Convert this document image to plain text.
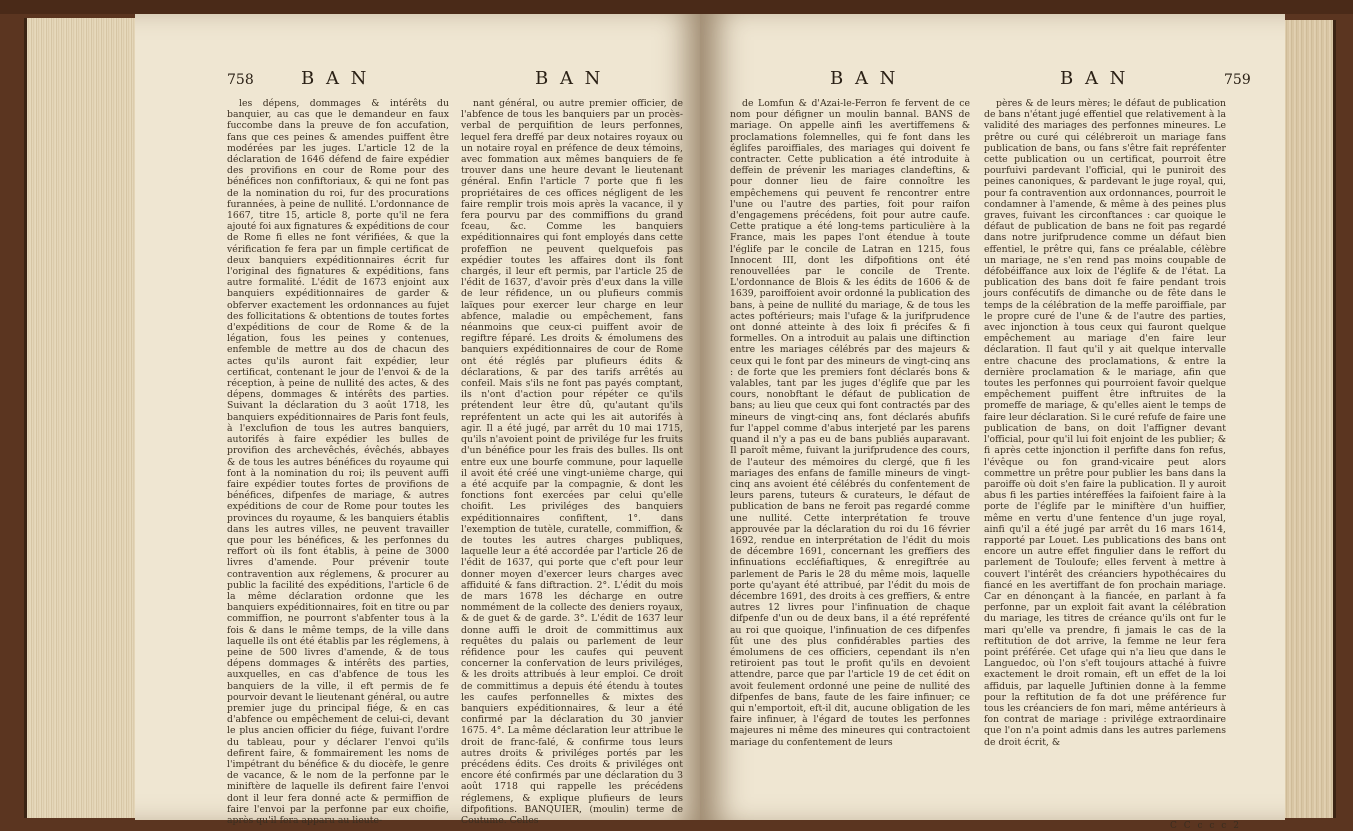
758	B A N	B A N

les dépens, dommages & intérêts du banquier, au cas que le demandeur en faux fuccombe dans la preuve de fon accufation, fans que ces peines & amendes puiffent être modérées par les juges. L'article 12 de la déclaration de 1646 défend de faire expédier des provifions en cour de Rome pour des bénéfices non confiftoriaux, & qui ne font pas de la nomination du roi, fur des procurations furannées, à peine de nullité. L'ordonnance de 1667, titre 15, article 8, porte qu'il ne fera ajouté foi aux fignatures & expéditions de cour de Rome fi elles ne font vérifiées, & que la vérification fe fera par un fimple certificat de deux banquiers expéditionnaires écrit fur l'original des fignatures & expéditions, fans autre formalité. L'édit de 1673 enjoint aux banquiers expéditionnaires de garder & obferver exactement les ordonnances au fujet des follicitations & obtentions de toutes fortes d'expéditions de cour de Rome & de la légation, fous les peines y contenues, enfemble de mettre au dos de chacun des actes qu'ils auront fait expédier, leur certificat, contenant le jour de l'envoi & de la réception, à peine de nullité des actes, & des dépens, dommages & intérêts des parties. Suivant la déclaration du 3 août 1718, les banquiers expéditionnaires de Paris font feuls, à l'exclufion de tous les autres banquiers, autorifés à faire expédier les bulles de provifion des archevêchés, évêchés, abbayes & de tous les autres bénéfices du royaume qui font à la nomination du roi; ils peuvent auffi faire expédier toutes fortes de provifions de bénéfices, difpenfes de mariage, & autres expéditions de cour de Rome pour toutes les provinces du royaume, & les banquiers établis dans les autres villes, ne peuvent travailler que pour les bénéfices, & les perfonnes du reffort où ils font établis, à peine de 3000 livres d'amende. Pour prévenir toute contravention aux réglemens, & procurer au public la facilité des expéditions, l'article 6 de la même déclaration ordonne que les banquiers expéditionnaires, foit en titre ou par commiffion, ne pourront s'abfenter tous à la fois & dans le même temps, de la ville dans laquelle ils ont été établis par les réglemens, à peine de 500 livres d'amende, & de tous dépens dommages & intérêts des parties, auxquelles, en cas d'abfence de tous les banquiers de la ville, il eft permis de fe pourvoir devant le lieutenant général, ou autre premier juge du principal fiége, & en cas d'abfence ou empêchement de celui-ci, devant le plus ancien officier du fiége, fuivant l'ordre du tableau, pour y déclarer l'envoi qu'ils defirent faire, & fommairement les noms de l'impétrant du bénéfice & du diocèfe, le genre de vacance, & le nom de la perfonne par le miniftère de laquelle ils defirent faire l'envoi dont il leur fera donné acte & permiffion de faire l'envoi par la perfonne par eux choifie, après qu'il fera apparu au lieute-

nant général, ou autre premier officier, de l'abfence de tous les banquiers par un procès-verbal de perquifition de leurs perfonnes, lequel fera dreffé par deux notaires royaux ou un notaire royal en préfence de deux témoins, avec fommation aux mêmes banquiers de fe trouver dans une heure devant le lieutenant général. Enfin l'article 7 porte que fi les propriétaires de ces offices négligent de les faire remplir trois mois après la vacance, il y fera pourvu par des commiffions du grand fceau, &c. Comme les banquiers expéditionnaires qui font employés dans cette profeffion ne peuvent quelquefois pas expédier toutes les affaires dont ils font chargés, il leur eft permis, par l'article 25 de l'édit de 1637, d'avoir près d'eux dans la ville de leur réfidence, un ou plufieurs commis laïques pour exercer leur charge en leur abfence, maladie ou empêchement, fans néanmoins que ceux-ci puiffent avoir de regiftre féparé. Les droits & émolumens des banquiers expéditionnaires de cour de Rome ont été réglés par plufieurs édits & déclarations, & par des tarifs arrêtés au confeil. Mais s'ils ne font pas payés comptant, ils n'ont d'action pour répéter ce qu'ils prétendent leur être dû, qu'autant qu'ils repréfentent un acte qui les ait autorifés à agir. Il a été jugé, par arrêt du 10 mai 1715, qu'ils n'avoient point de privilége fur les fruits d'un bénéfice pour les frais des bulles. Ils ont entre eux une bourfe commune, pour laquelle il avoit été créé une vingt-unième charge, qui a été acquife par la compagnie, & dont les fonctions font exercées par celui qu'elle choifit. Les priviléges des banquiers expéditionnaires confiftent, 1°. dans l'exemption de tutèle, curatelle, commiffion, & de toutes les autres charges publiques, laquelle leur a été accordée par l'article 26 de l'édit de 1637, qui porte que c'eft pour leur donner moyen d'exercer leurs charges avec affiduité & fans diftraction. 2°. L'édit du mois de mars 1678 les décharge en outre nommément de la collecte des deniers royaux, & de guet & de garde. 3°. L'édit de 1637 leur donne auffi le droit de committimus aux requêtes du palais ou parlement de leur réfidence pour les caufes qui peuvent concerner la confervation de leurs priviléges, & les droits attribués à leur emploi. Ce droit de committimus a depuis été étendu à toutes les caufes perfonnelles & mixtes des banquiers expéditionnaires, & leur a été confirmé par la déclaration du 30 janvier 1675. 4°. La même déclaration leur attribue le droit de franc-falé, & confirme tous leurs autres droits & priviléges portés par les précédens édits. Ces droits & priviléges ont encore été confirmés par une déclaration du 3 août 1718 qui rappelle les précédens réglemens, & explique plufieurs de leurs difpofitions. BANQUIER, (moulin) terme de Coutume. Celles

B A N	B A N	759

de Lomfun & d'Azai-le-Ferron fe fervent de ce nom pour défigner un moulin bannal. BANS de mariage. On appelle ainfi les avertiffemens & proclamations folemnelles, qui fe font dans les églifes paroiffiales, des mariages qui doivent fe contracter. Cette publication a été introduite à deffein de prévenir les mariages clandeftins, & pour donner lieu de faire connoître les empêchemens qui peuvent fe rencontrer entre l'une ou l'autre des parties, foit pour raifon d'engagemens précédens, foit pour autre caufe. Cette pratique a été long-tems particulière à la France, mais les papes l'ont étendue à toute l'églife par le concile de Latran en 1215, fous Innocent III, dont les difpofitions ont été renouvellées par le concile de Trente. L'ordonnance de Blois & les édits de 1606 & de 1639, paroiffoient avoir ordonné la publication des bans, à peine de nullité du mariage, & de tous les actes poftérieurs; mais l'ufage & la jurifprudence ont donné atteinte à des loix fi précifes & fi formelles. On a introduit au palais une diftinction entre les mariages célébrés par des majeurs & ceux qui le font par des mineurs de vingt-cinq ans : de forte que les premiers font déclarés bons & valables, tant par les juges d'églife que par les cours, nonobftant le défaut de publication de bans; au lieu que ceux qui font contractés par des mineurs de vingt-cinq ans, font déclarés abufifs fur l'appel comme d'abus interjeté par les parens quand il n'y a pas eu de bans publiés auparavant. Il paroît même, fuivant la jurifprudence des cours, de l'auteur des mémoires du clergé, que fi les mariages des enfans de famille mineurs de vingt-cinq ans avoient été célébrés du confentement de leurs parens, tuteurs & curateurs, le défaut de publication de bans ne feroit pas regardé comme une nullité. Cette interprétation fe trouve approuvée par la déclaration du roi du 16 février 1692, rendue en interprétation de l'édit du mois de décembre 1691, concernant les greffiers des infinuations eccléfiaftiques, & enregiftrée au parlement de Paris le 28 du même mois, laquelle porte qu'ayant été attribué, par l'édit du mois de décembre 1691, des droits à ces greffiers, & entre autres 12 livres pour l'infinuation de chaque difpenfe d'un ou de deux bans, il a été repréfenté au roi que quoique, l'infinuation de ces difpenfes fût une des plus confidérables parties des émolumens de ces officiers, cependant ils n'en retiroient pas tout le profit qu'ils en devoient attendre, parce que par l'article 19 de cet édit on avoit feulement ordonné une peine de nullité des difpenfes de bans, faute de les faire infinuer; ce qui n'emportoit, eft-il dit, aucune obligation de les faire infinuer, à l'égard de toutes les perfonnes majeures ni même des mineures qui contractoient mariage du confentement de leurs

pères & de leurs mères; le défaut de publication de bans n'étant jugé effentiel que relativement à la validité des mariages des perfonnes mineures. Le prêtre ou curé qui célébreroit un mariage fans publication de bans, ou fans s'être fait repréfenter cette publication ou un certificat, pourroit être pourfuivi pardevant l'official, qui le puniroit des peines canoniques, & pardevant le juge royal, qui, pour fa contravention aux ordonnances, pourroit le condamner à l'amende, & même à des peines plus graves, fuivant les circonftances : car quoique le défaut de publication de bans ne foit pas regardé dans notre jurifprudence comme un défaut bien effentiel, le prêtre qui, fans ce préalable, célèbre un mariage, ne s'en rend pas moins coupable de défobéiffance aux loix de l'églife & de l'état. La publication des bans doit fe faire pendant trois jours confécutifs de dimanche ou de fête dans le temps de la célébration de la meffe paroiffiale, par le propre curé de l'une & de l'autre des parties, avec injonction à tous ceux qui fauront quelque empêchement au mariage d'en faire leur déclaration. Il faut qu'il y ait quelque intervalle entre chacune des proclamations, & entre la dernière proclamation & le mariage, afin que toutes les perfonnes qui pourroient favoir quelque empêchement puiffent être inftruites de la promeffe de mariage, & qu'elles aient le temps de faire leur déclaration. Si le curé refufe de faire une publication de bans, on doit l'affigner devant l'official, pour qu'il lui foit enjoint de les publier; & fi après cette injonction il perfifte dans fon refus, l'évêque ou fon grand-vicaire peut alors commettre un prêtre pour publier les bans dans la paroiffe où doit s'en faire la publication. Il y auroit abus fi les parties intéreffées la faifoient faire à la porte de l'églife par le miniftère d'un huiffier, même en vertu d'une fentence d'un juge royal, ainfi qu'il a été jugé par arrêt du 16 mars 1614, rapporté par Louet. Les publications des bans ont encore un autre effet fingulier dans le reffort du parlement de Touloufe; elles fervent à mettre à couvert l'intérêt des créanciers hypothécaires du fiancé en les avertiffant de fon prochain mariage. Car en dénonçant à la fiancée, en parlant à fa perfonne, par un exploit fait avant la célébration du mariage, les titres de créance qu'ils ont fur le mari qu'elle va prendre, fi jamais le cas de la reftitution de dot arrive, la femme ne leur fera point préférée. Cet ufage qui n'a lieu que dans le Languedoc, où l'on s'eft toujours attaché à fuivre exactement le droit romain, eft un effet de la loi affiduis, par laquelle Juftinien donne à la femme pour la reftitution de fa dot une préférence fur tous les créanciers de fon mari, même antérieurs à fon contrat de mariage : privilége extraordinaire que l'on n'a point admis dans les autres parlemens de droit écrit, &

C C c c c 2
